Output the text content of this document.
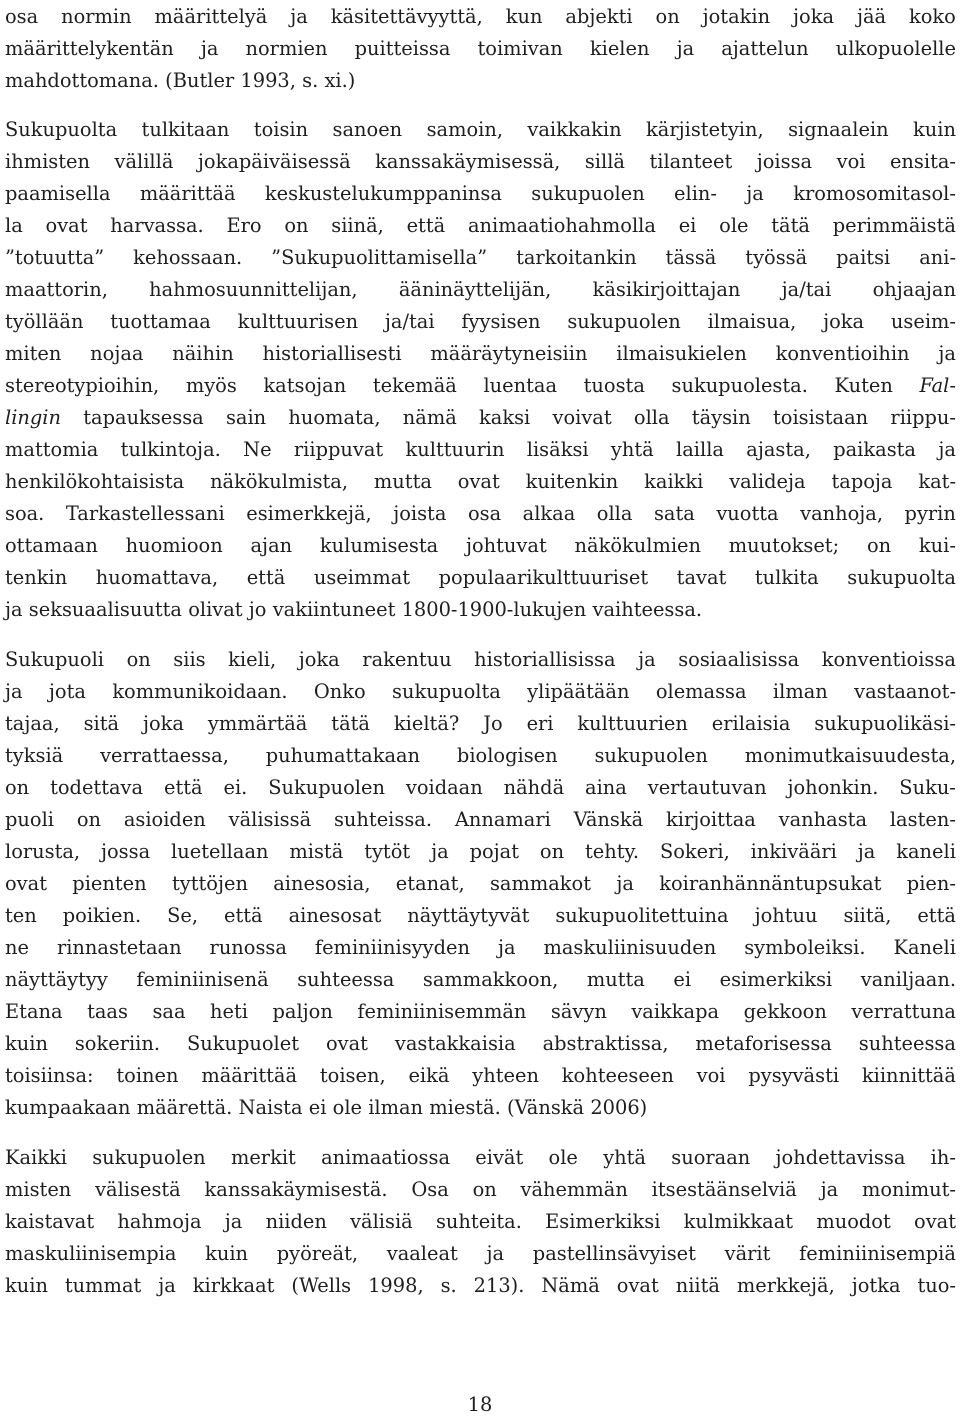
osa normin määrittelyä ja käsitettävyyttä, kun abjekti on jotakin joka jää koko
määrittelykentän ja normien puitteissa toimivan kielen ja ajattelun ulkopuolelle
mahdottomana. (Butler 1993, s. xi.)
Sukupuolta tulkitaan toisin sanoen samoin, vaikkakin kärjistetyin, signaalein kuin
ihmisten välillä jokapäiväisessä kanssakäymisessä, sillä tilanteet joissa voi ensita-
paamisella määrittää keskustelukumppaninsa sukupuolen elin- ja kromosomitasol-
la ovat harvassa. Ero on siinä, että animaatiohahmolla ei ole tätä perimmäistä
”totuutta” kehossaan. ”Sukupuolittamisella” tarkoitankin tässä työssä paitsi ani-
maattorin, hahmosuunnittelijan, ääninäyttelijän, käsikirjoittajan ja/tai ohjaajan
työllään tuottamaa kulttuurisen ja/tai fyysisen sukupuolen ilmaisua, joka useim-
miten nojaa näihin historiallisesti määräytyneisiin ilmaisukielen konventioihin ja
stereotypioihin, myös katsojan tekemää luentaa tuosta sukupuolesta. Kuten Fal-
lingin tapauksessa sain huomata, nämä kaksi voivat olla täysin toisistaan riippu-
mattomia tulkintoja. Ne riippuvat kulttuurin lisäksi yhtä lailla ajasta, paikasta ja
henkilökohtaisista näkökulmista, mutta ovat kuitenkin kaikki valideja tapoja kat-
soa. Tarkastellessani esimerkkejä, joista osa alkaa olla sata vuotta vanhoja, pyrin
ottamaan huomioon ajan kulumisesta johtuvat näkökulmien muutokset; on kui-
tenkin huomattava, että useimmat populaarikulttuuriset tavat tulkita sukupuolta
ja seksuaalisuutta olivat jo vakiintuneet 1800-1900-lukujen vaihteessa.
Sukupuoli on siis kieli, joka rakentuu historiallisissa ja sosiaalisissa konventioissa
ja jota kommunikoidaan. Onko sukupuolta ylipäätään olemassa ilman vastaanot-
tajaa, sitä joka ymmärtää tätä kieltä? Jo eri kulttuurien erilaisia sukupuolikäsi-
tyksiä verrattaessa, puhumattakaan biologisen sukupuolen monimutkaisuudesta,
on todettava että ei. Sukupuolen voidaan nähdä aina vertautuvan johonkin. Suku-
puoli on asioiden välisissä suhteissa. Annamari Vänskä kirjoittaa vanhasta lasten-
lorusta, jossa luetellaan mistä tytöt ja pojat on tehty. Sokeri, inkivääri ja kaneli
ovat pienten tyttöjen ainesosia, etanat, sammakot ja koiranhännäntupsukat pien-
ten poikien. Se, että ainesosat näyttäytyvät sukupuolitettuina johtuu siitä, että
ne rinnastetaan runossa feminiinisyyden ja maskuliinisuuden symboleiksi. Kaneli
näyttäytyy feminiinisenä suhteessa sammakkoon, mutta ei esimerkiksi vaniljaan.
Etana taas saa heti paljon feminiinisemmän sävyn vaikkapa gekkoon verrattuna
kuin sokeriin. Sukupuolet ovat vastakkaisia abstraktissa, metaforisessa suhteessa
toisiinsa: toinen määrittää toisen, eikä yhteen kohteeseen voi pysyvästi kiinnittää
kumpaakaan määrettä. Naista ei ole ilman miestä. (Vänskä 2006)
Kaikki sukupuolen merkit animaatiossa eivät ole yhtä suoraan johdettavissa ih-
misten välisestä kanssakäymisestä. Osa on vähemmän itsestäänselviä ja monimut-
kaistavat hahmoja ja niiden välisiä suhteita. Esimerkiksi kulmikkaat muodot ovat
maskuliinisempia kuin pyöreät, vaaleat ja pastellinsävyiset värit feminiinisempiä
kuin tummat ja kirkkaat (Wells 1998, s. 213). Nämä ovat niitä merkkejä, jotka tuo-
18
